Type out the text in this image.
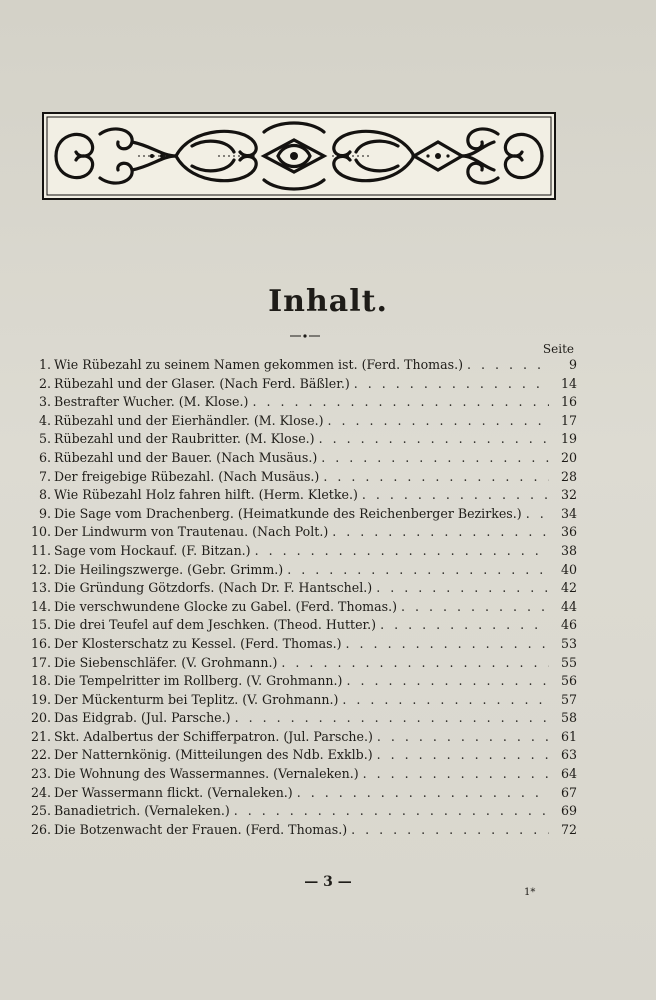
Inhalt.
Seite
1. Wie Rübezahl zu seinem Namen gekommen ist. (Ferd. Thomas.) . . .	9
2. Rübezahl und der Glaser. (Nach Ferd. Bäßler.) . . .	14
3. Bestrafter Wucher. (M. Klose.) . . .	16
4. Rübezahl und der Eierhändler. (M. Klose.) . . .	17
5. Rübezahl und der Raubritter. (M. Klose.) . . .	19
6. Rübezahl und der Bauer. (Nach Musäus.) . . .	20
7. Der freigebige Rübezahl. (Nach Musäus.) . . .	28
8. Wie Rübezahl Holz fahren hilft. (Herm. Kletke.) . . .	32
9. Die Sage vom Drachenberg. (Heimatkunde des Reichenberger Bezirkes.) . . .	34
10. Der Lindwurm von Trautenau. (Nach Polt.) . . .	36
11. Sage vom Hockauf. (F. Bitzan.) . . .	38
12. Die Heilingszwerge. (Gebr. Grimm.) . . .	40
13. Die Gründung Götzdorfs. (Nach Dr. F. Hantschel.) . . .	42
14. Die verschwundene Glocke zu Gabel. (Ferd. Thomas.) . . .	44
15. Die drei Teufel auf dem Jeschken. (Theod. Hutter.) . . .	46
16. Der Klosterschatz zu Kessel. (Ferd. Thomas.) . . .	53
17. Die Siebenschläfer. (V. Grohmann.) . . .	55
18. Die Tempelritter im Rollberg. (V. Grohmann.) . . .	56
19. Der Mückenturm bei Teplitz. (V. Grohmann.) . . .	57
20. Das Eidgrab. (Jul. Parsche.) . . .	58
21. Skt. Adalbertus der Schifferpatron. (Jul. Parsche.) . . .	61
22. Der Natternkönig. (Mitteilungen des Ndb. Exklb.) . . .	63
23. Die Wohnung des Wassermannes. (Vernaleken.) . . .	64
24. Der Wassermann flickt. (Vernaleken.) . . .	67
25. Banadietrich. (Vernaleken.) . . .	69
26. Die Botzenwacht der Frauen. (Ferd. Thomas.) . . .	72
— 3 —
1*
